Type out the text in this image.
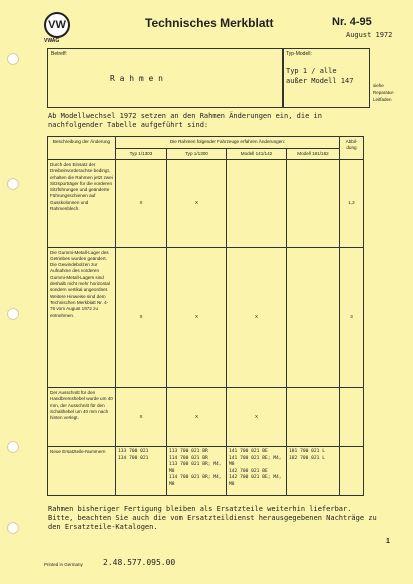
VW
VWAG
Technisches Merkblatt	Nr. 4-95
August 1972
Betreff:
R a h m e n
Typ-Modell:
Typ 1 / alle
außer Modell 147
siehe
Reparatur-
Leitfaden
Ab Modellwechsel 1972 setzen an den Rahmen Änderungen ein, die in nachfolgender Tabelle aufgeführt sind:
Beschreibung der Änderung	Die Rahmen folgender Fahrzeuge erfahren Änderungen:				Abbil-dung
	Typ 1/1303	Typ 1/1300	Modell 141/142	Modell 181/182	
Durch den Einsatz der Dreibeinvorderachse bedingt, erhalten die Rahmen jetzt zwei Sitzspurträger für die vorderen Sitzführungen und geänderte Führungsschienen auf Gusskolonnen und Rahmenblech.	X	X			1,2
Die Gummi-Metall-Lager des Getriebes wurden geändert. Die Gewindebolzen zur Aufnahme des vorderen Gummi-Metall-Lagers sind deshalb nicht mehr horizontal sondern vertikal angeordnet. Weitere Hinweise sind dem Technischen Merkblatt Nr. 4-76 vom August 1972 zu entnehmen.	X	X	X		3
Der Ausschnitt für den Handbremshebel wurde um 40 mm, der Ausschnitt für den Schalthebel um 40 mm nach hinten verlegt.	X	X	X		
Neue Ersatzteile-Nummern	133 700 021
134 700 021	113 700 021 BR
114 700 021 BR
113 700 021 BR; M4, M8
114 700 021 BR; M4, M8	141 700 021 BE
141 700 021 BE; M4, M8
142 700 021 BE
142 700 021 BE; M4, M8	181 700 021 L
182 700 021 L	
Rahmen bisheriger Fertigung bleiben als Ersatzteile weiterhin lieferbar.
Bitte, beachten Sie auch die vom Ersatzteildienst herausgegebenen Nachträge zu den Ersatzteile-Katalogen.
1
Printed in Germany	2.48.577.095.00
